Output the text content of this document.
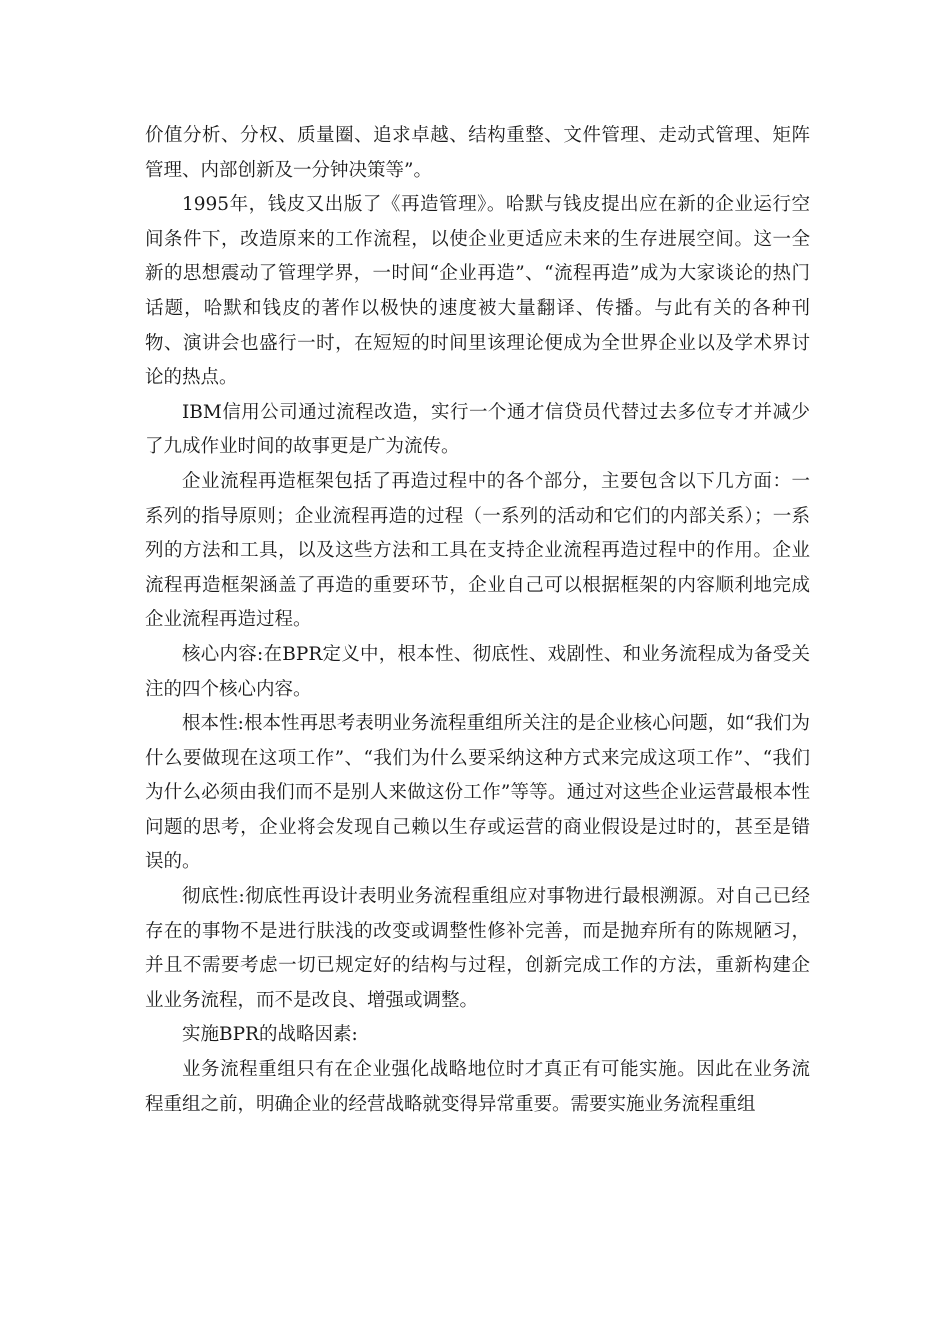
价值分析、分权、质量圈、追求卓越、结构重整、文件管理、走动式管理、矩阵管理、内部创新及一分钟决策等”。

1995年，钱皮又出版了《再造管理》。哈默与钱皮提出应在新的企业运行空间条件下，改造原来的工作流程，以使企业更适应未来的生存进展空间。这一全新的思想震动了管理学界，一时间“企业再造”、“流程再造”成为大家谈论的热门话题，哈默和钱皮的著作以极快的速度被大量翻译、传播。与此有关的各种刊物、演讲会也盛行一时，在短短的时间里该理论便成为全世界企业以及学术界讨论的热点。

IBM信用公司通过流程改造，实行一个通才信贷员代替过去多位专才并减少了九成作业时间的故事更是广为流传。

企业流程再造框架包括了再造过程中的各个部分，主要包含以下几方面：一系列的指导原则；企业流程再造的过程（一系列的活动和它们的内部关系）；一系列的方法和工具，以及这些方法和工具在支持企业流程再造过程中的作用。企业流程再造框架涵盖了再造的重要环节，企业自己可以根据框架的内容顺利地完成企业流程再造过程。

核心内容:在BPR定义中，根本性、彻底性、戏剧性、和业务流程成为备受关注的四个核心内容。

根本性:根本性再思考表明业务流程重组所关注的是企业核心问题，如“我们为什么要做现在这项工作”、“我们为什么要采纳这种方式来完成这项工作”、“我们为什么必须由我们而不是别人来做这份工作”等等。通过对这些企业运营最根本性问题的思考，企业将会发现自己赖以生存或运营的商业假设是过时的，甚至是错误的。

彻底性:彻底性再设计表明业务流程重组应对事物进行最根溯源。对自己已经存在的事物不是进行肤浅的改变或调整性修补完善，而是抛弃所有的陈规陋习，并且不需要考虑一切已规定好的结构与过程，创新完成工作的方法，重新构建企业业务流程，而不是改良、增强或调整。

实施BPR的战略因素:

业务流程重组只有在企业强化战略地位时才真正有可能实施。因此在业务流程重组之前，明确企业的经营战略就变得异常重要。需要实施业务流程重组
